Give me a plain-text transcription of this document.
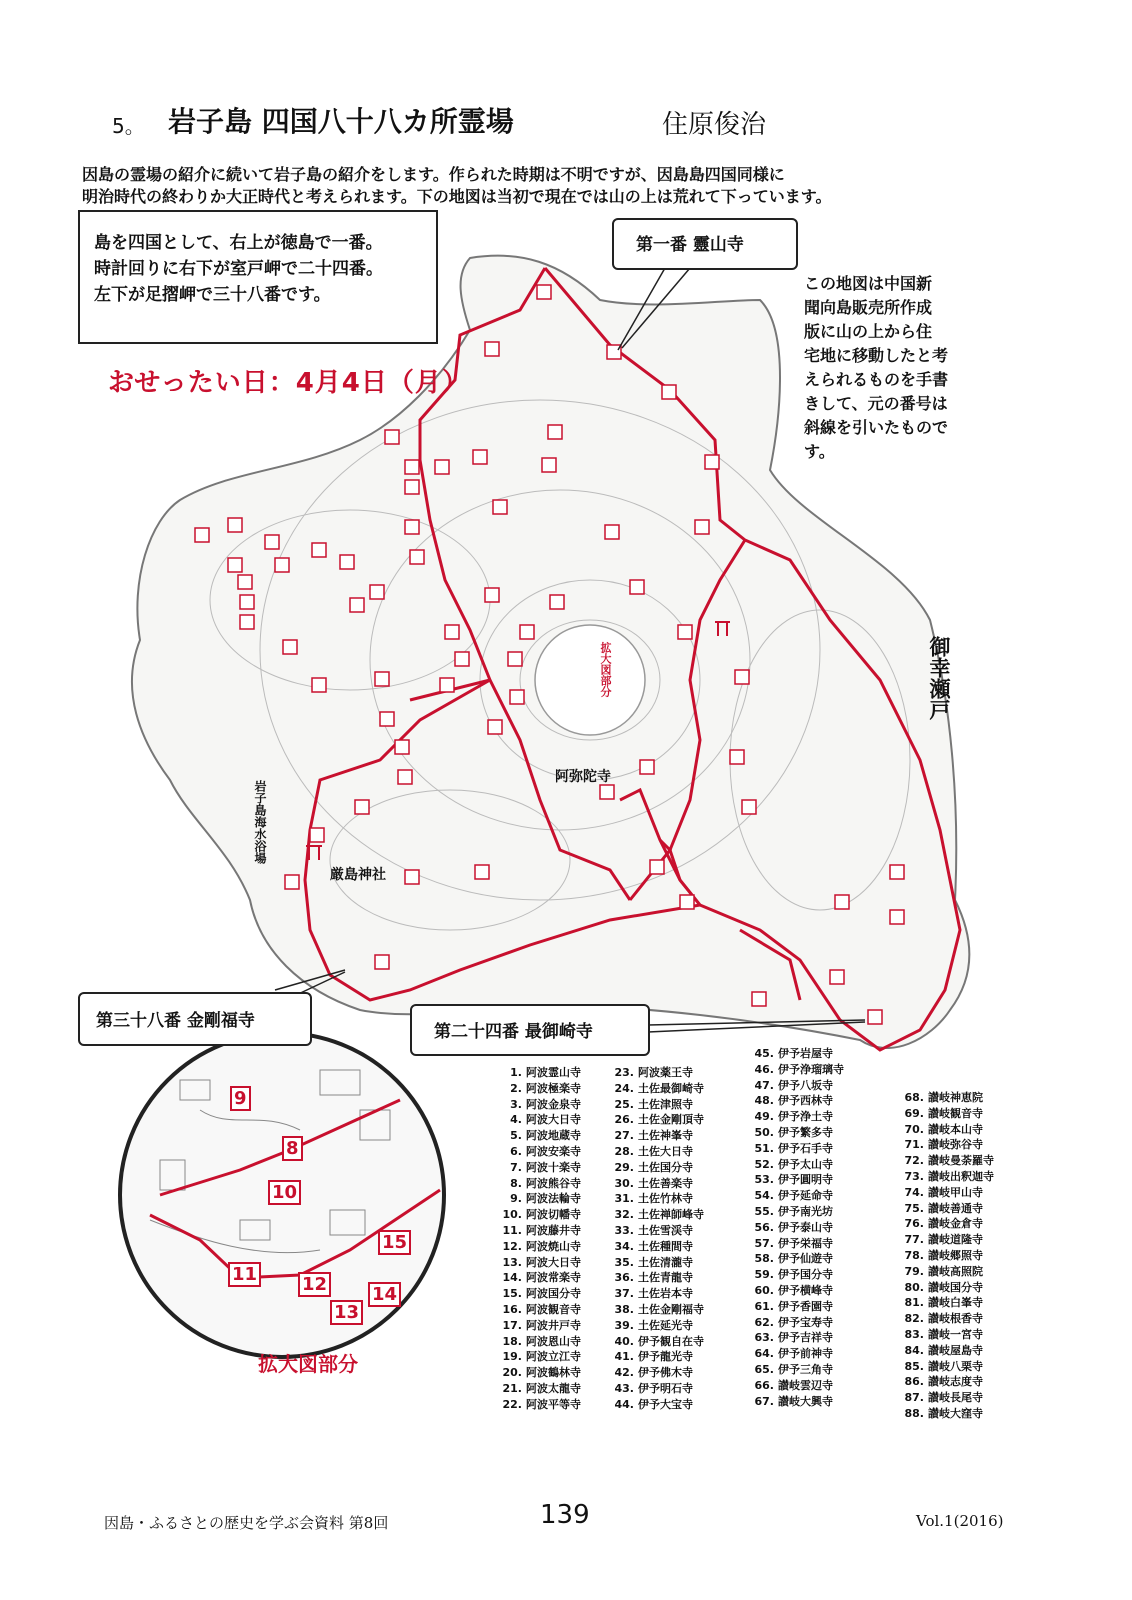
5。 岩子島 四国八十八カ所霊場	住原俊治
因島の霊場の紹介に続いて岩子島の紹介をします。作られた時期は不明ですが、因島島四国同様に
明治時代の終わりか大正時代と考えられます。下の地図は当初で現在では山の上は荒れて下っています。
9
8
10
11 12
13
14
15
御幸瀬戸
岩子島海水浴場
厳島神社
阿弥陀寺
拡大図部分
島を四国として、右上が徳島で一番。
時計回りに右下が室戸岬で二十四番。
左下が足摺岬で三十八番です。
第一番 靈山寺
この地図は中国新
聞向島販売所作成
版に山の上から住
宅地に移動したと考
えられるものを手書
きして、元の番号は
斜線を引いたもので
す。
おせったい日：4月4日（月）
第三十八番 金剛福寺
第二十四番 最御崎寺
拡大図部分
1. 阿波霊山寺
2. 阿波極楽寺
3. 阿波金泉寺
4. 阿波大日寺
5. 阿波地蔵寺
6. 阿波安楽寺
7. 阿波十楽寺
8. 阿波熊谷寺
9. 阿波法輪寺
10. 阿波切幡寺
11. 阿波藤井寺
12. 阿波焼山寺
13. 阿波大日寺
14. 阿波常楽寺
15. 阿波国分寺
16. 阿波観音寺
17. 阿波井戸寺
18. 阿波恩山寺
19. 阿波立江寺
20. 阿波鶴林寺
21. 阿波太龍寺
22. 阿波平等寺
23. 阿波薬王寺
24. 土佐最御崎寺
25. 土佐津照寺
26. 土佐金剛頂寺
27. 土佐神峯寺
28. 土佐大日寺
29. 土佐国分寺
30. 土佐善楽寺
31. 土佐竹林寺
32. 土佐禅師峰寺
33. 土佐雪渓寺
34. 土佐種間寺
35. 土佐清瀧寺
36. 土佐青龍寺
37. 土佐岩本寺
38. 土佐金剛福寺
39. 土佐延光寺
40. 伊予観自在寺
41. 伊予龍光寺
42. 伊予佛木寺
43. 伊予明石寺
44. 伊予大宝寺
45. 伊予岩屋寺
46. 伊予浄瑠璃寺
47. 伊予八坂寺
48. 伊予西林寺
49. 伊予浄土寺
50. 伊予繁多寺
51. 伊予石手寺
52. 伊予太山寺
53. 伊予圓明寺
54. 伊予延命寺
55. 伊予南光坊
56. 伊予泰山寺
57. 伊予栄福寺
58. 伊予仙遊寺
59. 伊予国分寺
60. 伊予横峰寺
61. 伊予香園寺
62. 伊予宝寿寺
63. 伊予吉祥寺
64. 伊予前神寺
65. 伊予三角寺
66. 讃岐雲辺寺
67. 讃岐大興寺
68. 讃岐神恵院
69. 讃岐観音寺
70. 讃岐本山寺
71. 讃岐弥谷寺
72. 讃岐曼荼羅寺
73. 讃岐出釈迦寺
74. 讃岐甲山寺
75. 讃岐善通寺
76. 讃岐金倉寺
77. 讃岐道隆寺
78. 讃岐郷照寺
79. 讃岐高照院
80. 讃岐国分寺
81. 讃岐白峯寺
82. 讃岐根香寺
83. 讃岐一宮寺
84. 讃岐屋島寺
85. 讃岐八栗寺
86. 讃岐志度寺
87. 讃岐長尾寺
88. 讃岐大窪寺
因島・ふるさとの歴史を学ぶ会資料 第8回	139	Vol.1(2016)
